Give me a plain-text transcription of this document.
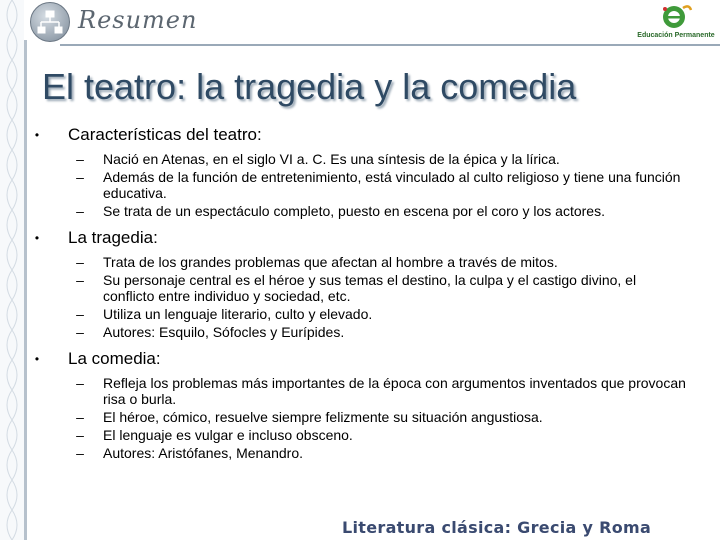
Resumen
Educación Permanente
El teatro: la tragedia y la comedia
• Características del teatro:
–	Nació en Atenas, en el siglo VI a. C. Es una síntesis de la épica y la lírica.
–	Además de la función de entretenimiento, está vinculado al culto religioso y tiene una función educativa.
–	Se trata de un espectáculo completo, puesto en escena por el coro y los actores.
• La tragedia:
–	Trata de los grandes problemas que afectan al hombre a través de mitos.
–	Su personaje central es el héroe y sus temas el destino, la culpa y el castigo divino, el conflicto entre individuo y sociedad, etc.
–	Utiliza un lenguaje literario, culto y elevado.
–	Autores: Esquilo, Sófocles y Eurípides.
• La comedia:
–	Refleja los problemas más importantes de la época con argumentos inventados que provocan risa o burla.
–	El héroe, cómico, resuelve siempre felizmente su situación angustiosa.
–	El lenguaje es vulgar e incluso obsceno.
–	Autores: Aristófanes, Menandro.
Literatura clásica: Grecia y Roma
